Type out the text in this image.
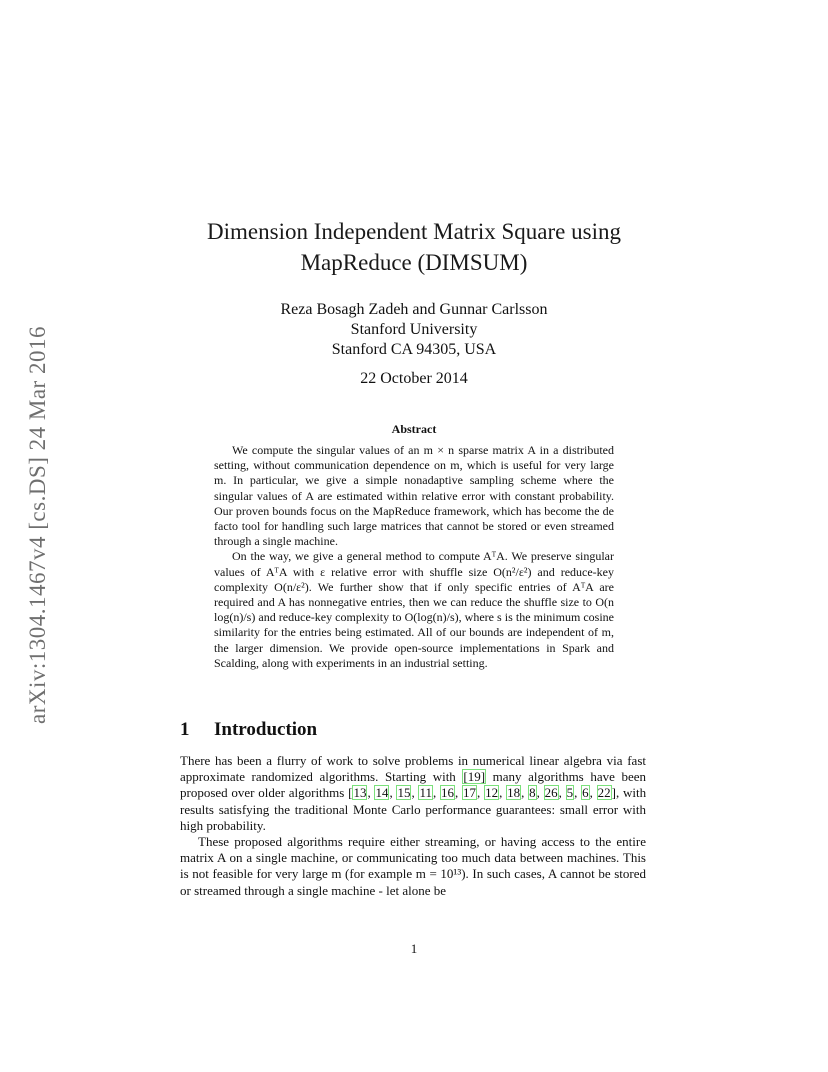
arXiv:1304.1467v4 [cs.DS] 24 Mar 2016
Dimension Independent Matrix Square using
MapReduce (DIMSUM)
Reza Bosagh Zadeh and Gunnar Carlsson
Stanford University
Stanford CA 94305, USA
22 October 2014
Abstract

We compute the singular values of an m × n sparse matrix A in a distributed setting, without communication dependence on m, which is useful for very large m. In particular, we give a simple nonadaptive sampling scheme where the singular values of A are estimated within relative error with constant probability. Our proven bounds focus on the MapReduce framework, which has become the de facto tool for handling such large matrices that cannot be stored or even streamed through a single machine.

On the way, we give a general method to compute AᵀA. We preserve singular values of AᵀA with ε relative error with shuffle size O(n²/ε²) and reduce-key complexity O(n/ε²). We further show that if only specific entries of AᵀA are required and A has nonnegative entries, then we can reduce the shuffle size to O(n log(n)/s) and reduce-key complexity to O(log(n)/s), where s is the minimum cosine similarity for the entries being estimated. All of our bounds are independent of m, the larger dimension. We provide open-source implementations in Spark and Scalding, along with experiments in an industrial setting.

1 Introduction

There has been a flurry of work to solve problems in numerical linear algebra via fast approximate randomized algorithms. Starting with [19] many algorithms have been proposed over older algorithms [13, 14, 15, 11, 16, 17, 12, 18, 8, 26, 5, 6, 22], with results satisfying the traditional Monte Carlo performance guarantees: small error with high probability.

These proposed algorithms require either streaming, or having access to the entire matrix A on a single machine, or communicating too much data between machines. This is not feasible for very large m (for example m = 10¹³). In such cases, A cannot be stored or streamed through a single machine - let alone be

1
